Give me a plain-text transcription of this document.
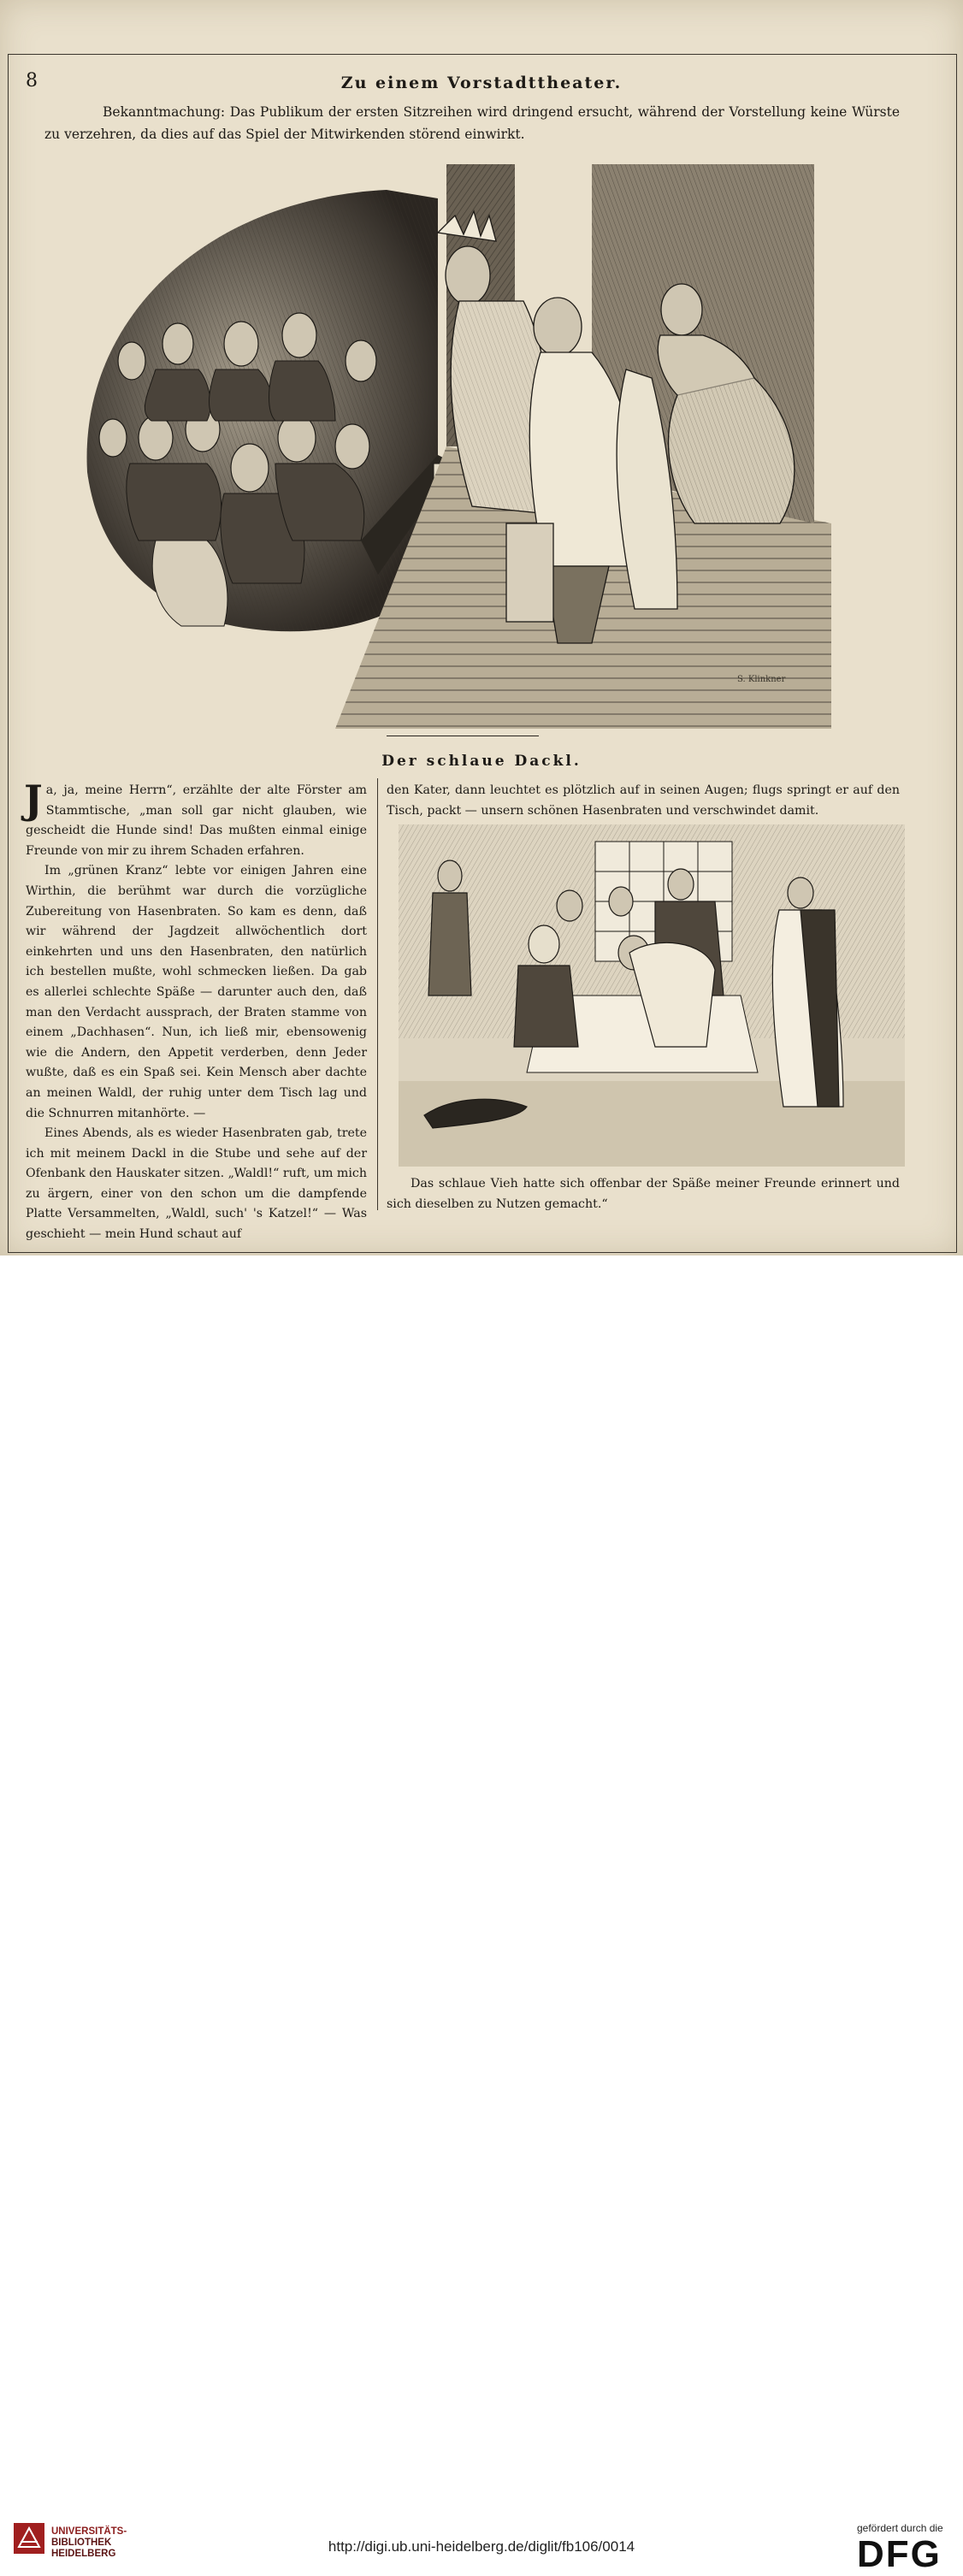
8	Zu einem Vorstadttheater.
Bekanntmachung: Das Publikum der ersten Sitzreihen wird dringend ersucht, während der Vorstellung keine Würste zu verzehren, da dies auf das Spiel der Mitwirkenden störend einwirkt.
S. Klinkner
Der schlaue Dackl.

Ja, ja, meine Herrn“, erzählte der alte Förster am Stammtische, „man soll gar nicht glauben, wie gescheidt die Hunde sind! Das mußten einmal einige Freunde von mir zu ihrem Schaden erfahren.

Im „grünen Kranz“ lebte vor einigen Jahren eine Wirthin, die berühmt war durch die vorzügliche Zubereitung von Hasenbraten. So kam es denn, daß wir während der Jagdzeit allwöchentlich dort einkehrten und uns den Hasenbraten, den natürlich ich bestellen mußte, wohl schmecken ließen. Da gab es allerlei schlechte Späße — darunter auch den, daß man den Verdacht aussprach, der Braten stamme von einem „Dachhasen“. Nun, ich ließ mir, ebensowenig wie die Andern, den Appetit verderben, denn Jeder wußte, daß es ein Spaß sei. Kein Mensch aber dachte an meinen Waldl, der ruhig unter dem Tisch lag und die Schnurren mitanhörte. —

Eines Abends, als es wieder Hasenbraten gab, trete ich mit meinem Dackl in die Stube und sehe auf der Ofenbank den Hauskater sitzen. „Waldl!“ ruft, um mich zu ärgern, einer von den schon um die dampfende Platte Versammelten, „Waldl, such' 's Katzel!“ — Was geschieht — mein Hund schaut auf

den Kater, dann leuchtet es plötzlich auf in seinen Augen; flugs springt er auf den Tisch, packt — unsern schönen Hasenbraten und verschwindet damit.

Das schlaue Vieh hatte sich offenbar der Späße meiner Freunde erinnert und sich dieselben zu Nutzen gemacht.“
UNIVERSITÄTS-
BIBLIOTHEK
HEIDELBERG	http://digi.ub.uni-heidelberg.de/diglit/fb106/0014
gefördert durch die
DFG
